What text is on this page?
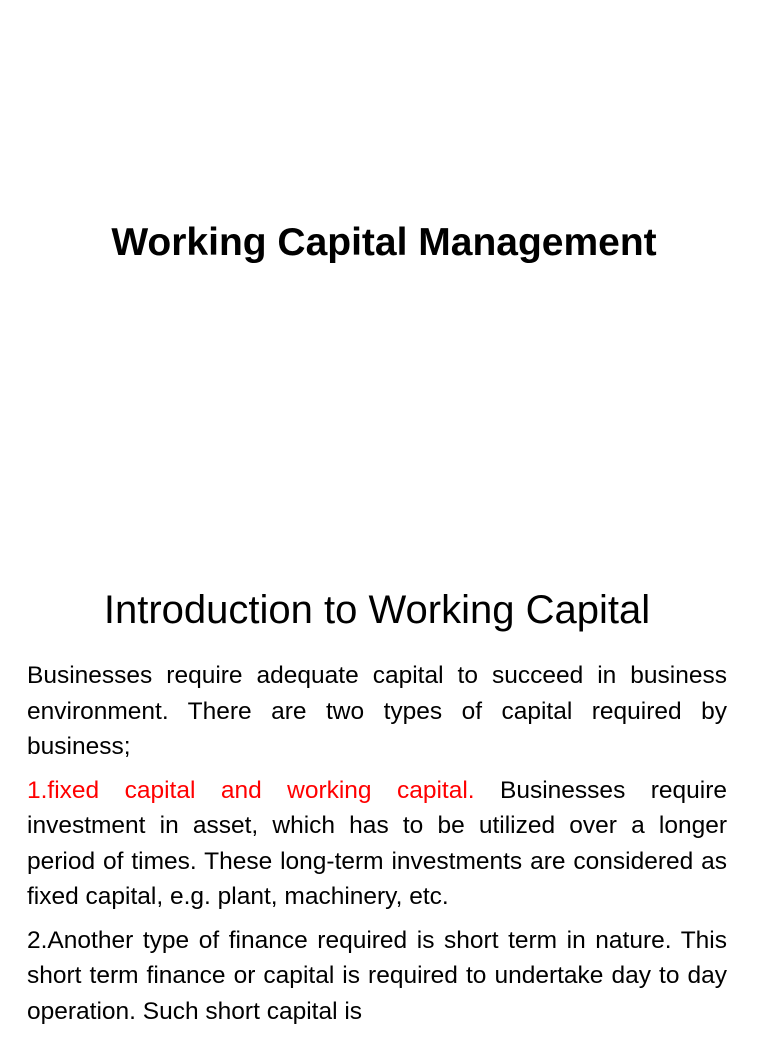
Working Capital Management
Introduction to Working Capital

Businesses require adequate capital to succeed in business environment. There are two types of capital required by business;

1.fixed capital and working capital. Businesses require investment in asset, which has to be utilized over a longer period of times. These long-term investments are considered as fixed capital, e.g. plant, machinery, etc.

2.Another type of finance required is short term in nature. This short term finance or capital is required to undertake day to day operation. Such short capital is
